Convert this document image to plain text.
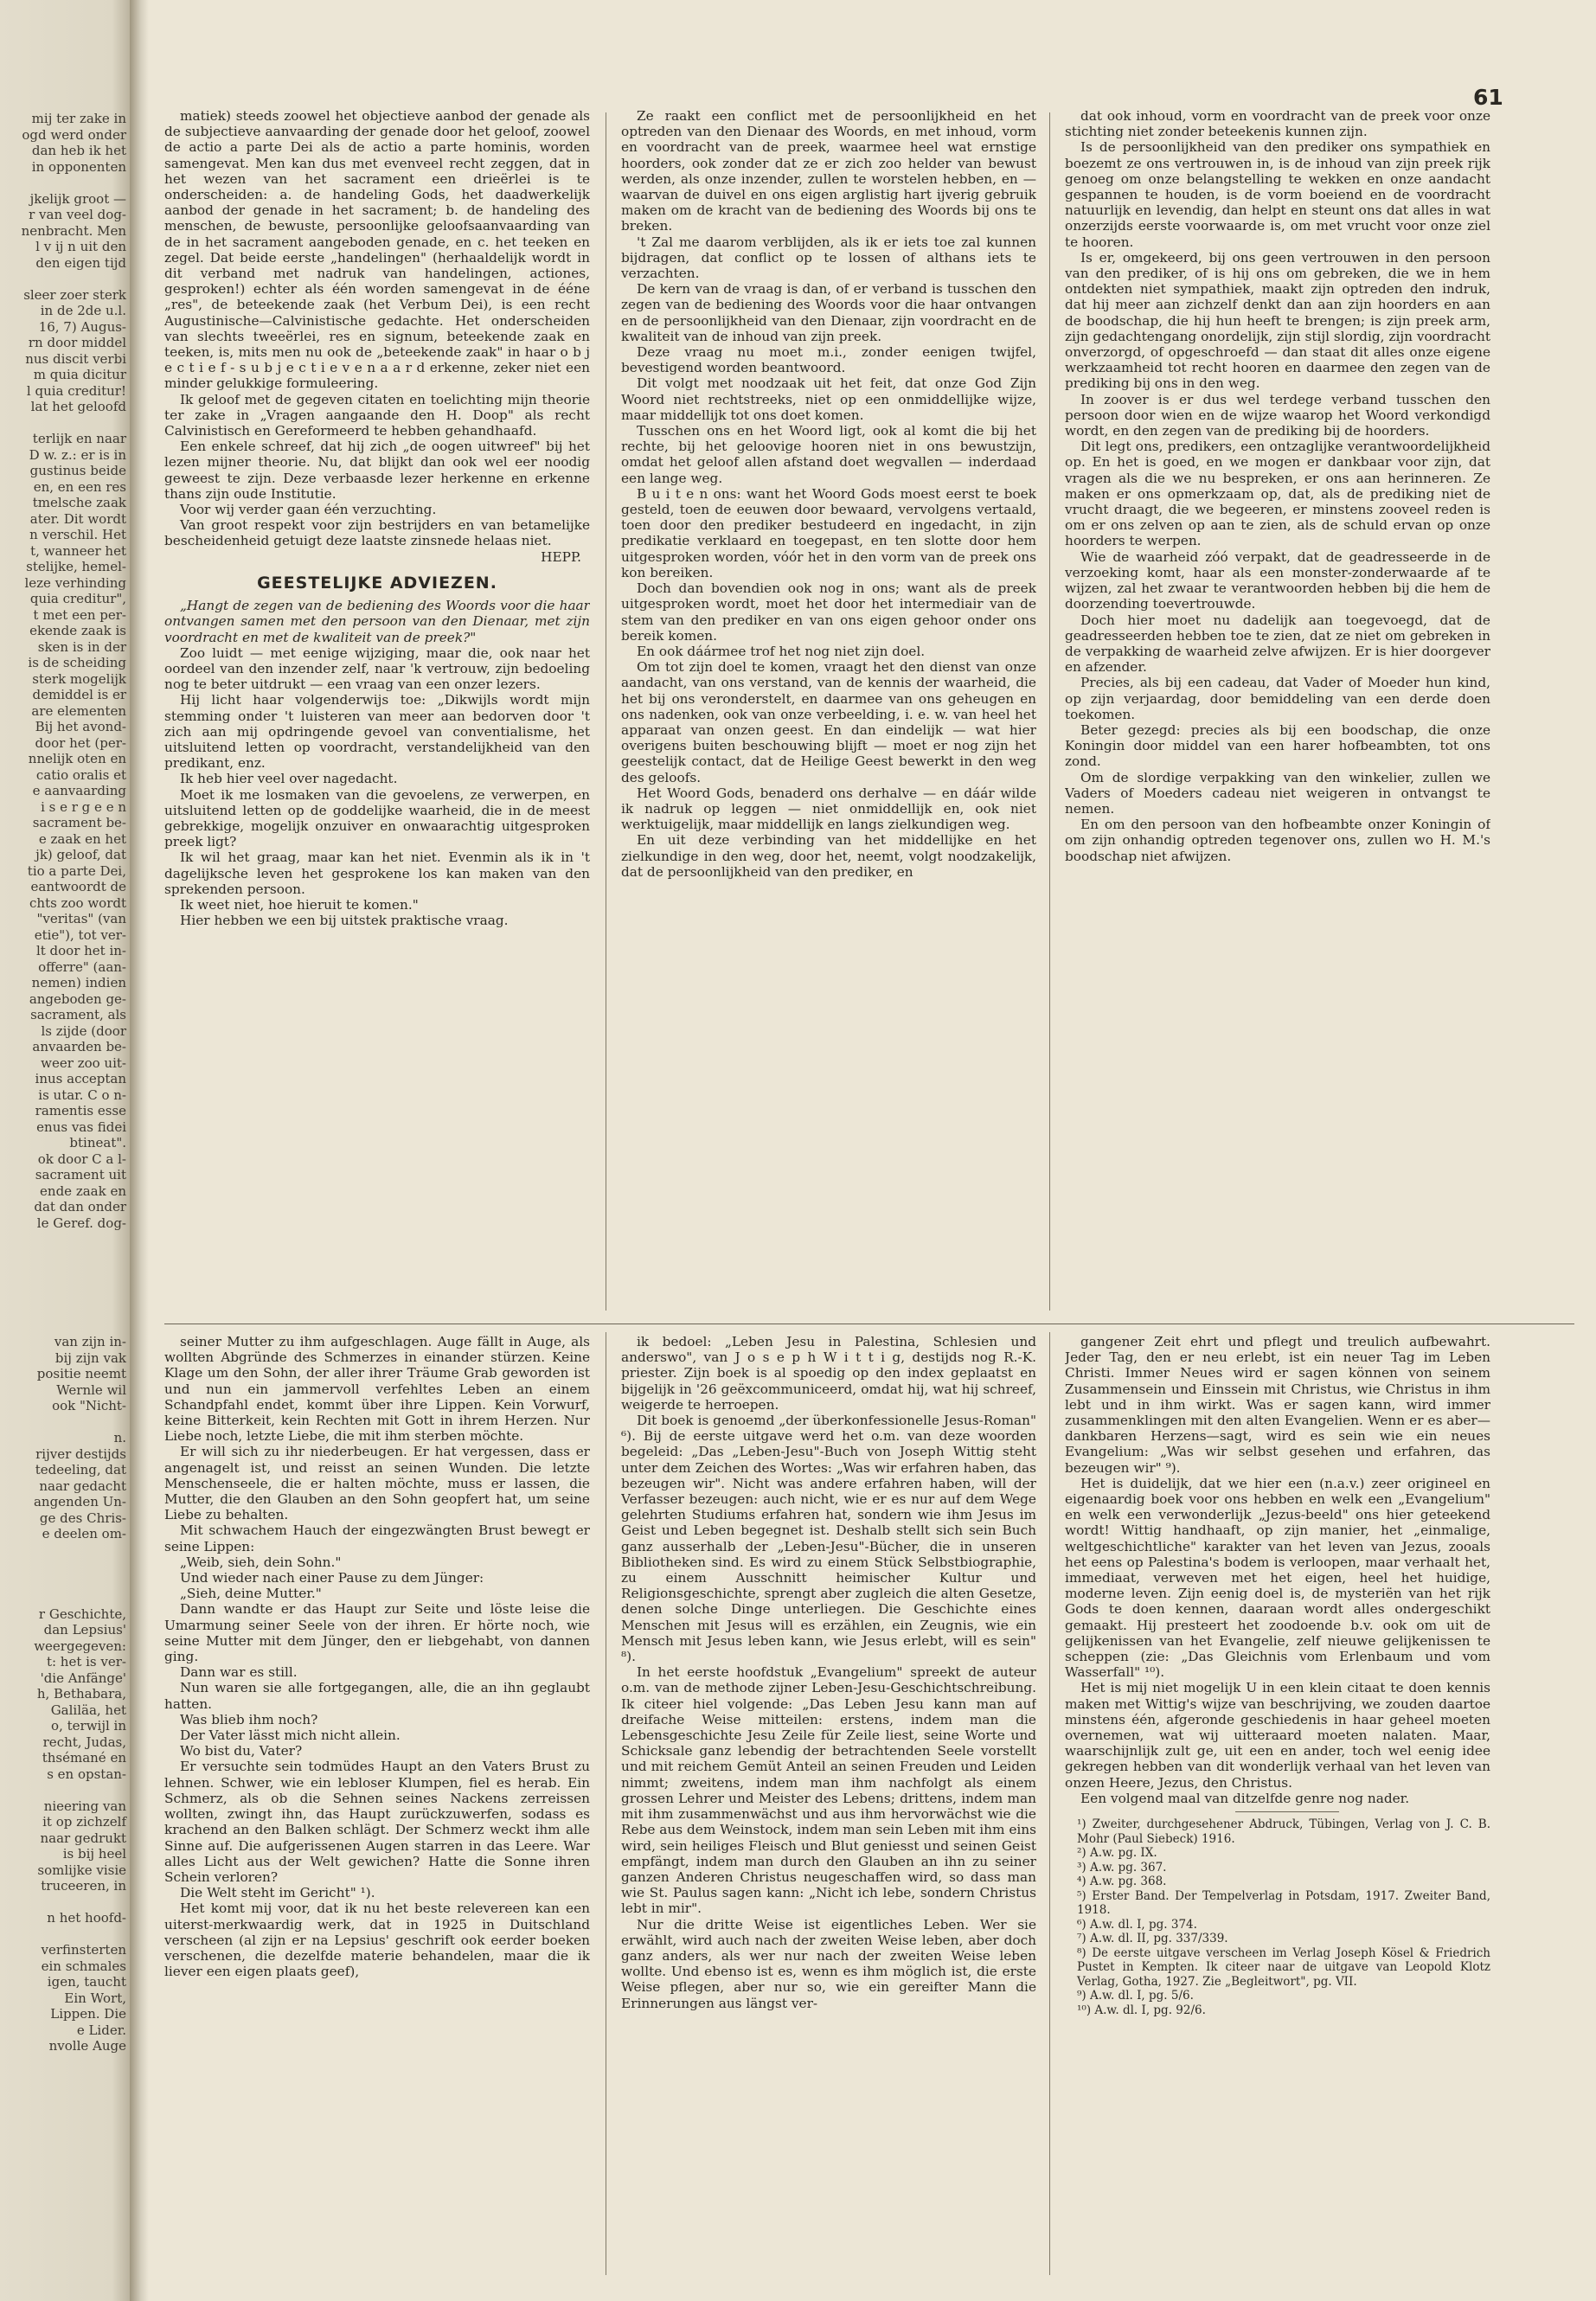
mij ter zake in
ogd werd onder
dan heb ik het
in opponenten

jkelijk groot —
r van veel dog-
nenbracht. Men
l v ij n uit den
den eigen tijd

sleer zoer sterk
in de 2de u.l.
16, 7) Augus-
rn door middel
nus discit verbi
m quia dicitur
l quia creditur!
lat het geloofd

terlijk en naar
D w. z.: er is in
gustinus beide
en, en een res
tmelsche zaak
ater. Dit wordt
n verschil. Het
t, wanneer het
stelijke, hemel-
leze verhinding
quia creditur",
t met een per-
ekende zaak is
sken is in der
is de scheiding
sterk mogelijk
demiddel is er
are elementen
Bij het avond-
door het (per-
nnelijk oten en
catio oralis et
e aanvaarding
i s e r g e e n
sacrament be-
e zaak en het
jk) geloof, dat
tio a parte Dei,
eantwoordt de
chts zoo wordt
"veritas" (van
etie"), tot ver-
lt door het in-
offerre" (aan-
nemen) indien
angeboden ge-
sacrament, als
ls zijde (door
anvaarden be-
weer zoo uit-
inus acceptan
is utar. C o n-
ramentis esse
enus vas fidei
btineat".
ok door C a l-
sacrament uit
ende zaak en
dat dan onder
le Geref. dog-
van zijn in-
bij zijn vak
positie neemt
Wernle wil
ook "Nicht-

n.
rijver destijds
tedeeling, dat
naar gedacht
angenden Un-
ge des Chris-
e deelen om-

r Geschichte,
dan Lepsius'
weergegeven:
t: het is ver-
'die Anfänge'
h, Bethabara,
Galiläa, het
o, terwijl in
recht, Judas,
thsémané en
s en opstan-

nieering van
it op zichzelf
naar gedrukt
is bij heel
somlijke visie
truceeren, in

n het hoofd-

verfinsterten
ein schmales
igen, taucht
Ein Wort,
Lippen. Die
e Lider.
nvolle Auge
61

matiek) steeds zoowel het objectieve aanbod der genade als de subjectieve aanvaarding der genade door het geloof, zoowel de actio a parte Dei als de actio a parte hominis, worden samengevat. Men kan dus met evenveel recht zeggen, dat in het wezen van het sacrament een drieërlei is te onderscheiden: a. de handeling Gods, het daadwerkelijk aanbod der genade in het sacrament; b. de handeling des menschen, de bewuste, persoonlijke geloofsaanvaarding van de in het sacrament aangeboden genade, en c. het teeken en zegel. Dat beide eerste „handelingen" (herhaaldelijk wordt in dit verband met nadruk van handelingen, actiones, gesproken!) echter als één worden samengevat in de ééne „res", de beteekende zaak (het Verbum Dei), is een recht Augustinische—Calvinistische gedachte. Het onderscheiden van slechts tweeërlei, res en signum, beteekende zaak en teeken, is, mits men nu ook de „beteekende zaak" in haar o b j e c t i e f - s u b j e c t i e v e n a a r d erkenne, zeker niet een minder gelukkige formuleering.

Ik geloof met de gegeven citaten en toelichting mijn theorie ter zake in „Vragen aangaande den H. Doop" als recht Calvinistisch en Gereformeerd te hebben gehandhaafd.

Een enkele schreef, dat hij zich „de oogen uitwreef" bij het lezen mijner theorie. Nu, dat blijkt dan ook wel eer noodig geweest te zijn. Deze verbaasde lezer herkenne en erkenne thans zijn oude Institutie.

Voor wij verder gaan één verzuchting.

Van groot respekt voor zijn bestrijders en van betamelijke bescheidenheid getuigt deze laatste zinsnede helaas niet.

HEPP.
GEESTELIJKE ADVIEZEN.

„Hangt de zegen van de bediening des Woords voor die haar ontvangen samen met den persoon van den Dienaar, met zijn voordracht en met de kwaliteit van de preek?"

Zoo luidt — met eenige wijziging, maar die, ook naar het oordeel van den inzender zelf, naar 'k vertrouw, zijn bedoeling nog te beter uitdrukt — een vraag van een onzer lezers.

Hij licht haar volgenderwijs toe: „Dikwijls wordt mijn stemming onder 't luisteren van meer aan bedorven door 't zich aan mij opdringende gevoel van conventialisme, het uitsluitend letten op voordracht, verstandelijkheid van den predikant, enz.

Ik heb hier veel over nagedacht.

Moet ik me losmaken van die gevoelens, ze verwerpen, en uitsluitend letten op de goddelijke waarheid, die in de meest gebrekkige, mogelijk onzuiver en onwaarachtig uitgesproken preek ligt?

Ik wil het graag, maar kan het niet. Evenmin als ik in 't dagelijksche leven het gesprokene los kan maken van den sprekenden persoon.

Ik weet niet, hoe hieruit te komen."

Hier hebben we een bij uitstek praktische vraag.

Ze raakt een conflict met de persoonlijkheid en het optreden van den Dienaar des Woords, en met inhoud, vorm en voordracht van de preek, waarmee heel wat ernstige hoorders, ook zonder dat ze er zich zoo helder van bewust werden, als onze inzender, zullen te worstelen hebben, en — waarvan de duivel en ons eigen arglistig hart ijverig gebruik maken om de kracht van de bediening des Woords bij ons te breken.

't Zal me daarom verblijden, als ik er iets toe zal kunnen bijdragen, dat conflict op te lossen of althans iets te verzachten.

De kern van de vraag is dan, of er verband is tusschen den zegen van de bediening des Woords voor die haar ontvangen en de persoonlijkheid van den Dienaar, zijn voordracht en de kwaliteit van de inhoud van zijn preek.

Deze vraag nu moet m.i., zonder eenigen twijfel, bevestigend worden beantwoord.

Dit volgt met noodzaak uit het feit, dat onze God Zijn Woord niet rechtstreeks, niet op een onmiddellijke wijze, maar middellijk tot ons doet komen.

Tusschen ons en het Woord ligt, ook al komt die bij het rechte, bij het geloovige hooren niet in ons bewustzijn, omdat het geloof allen afstand doet wegvallen — inderdaad een lange weg.

B u i t e n ons: want het Woord Gods moest eerst te boek gesteld, toen de eeuwen door bewaard, vervolgens vertaald, toen door den prediker bestudeerd en ingedacht, in zijn predikatie verklaard en toegepast, en ten slotte door hem uitgesproken worden, vóór het in den vorm van de preek ons kon bereiken.

Doch dan bovendien ook nog in ons; want als de preek uitgesproken wordt, moet het door het intermediair van de stem van den prediker en van ons eigen gehoor onder ons bereik komen.

En ook dáármee trof het nog niet zijn doel.

Om tot zijn doel te komen, vraagt het den dienst van onze aandacht, van ons verstand, van de kennis der waarheid, die het bij ons veronderstelt, en daarmee van ons geheugen en ons nadenken, ook van onze verbeelding, i. e. w. van heel het apparaat van onzen geest. En dan eindelijk — wat hier overigens buiten beschouwing blijft — moet er nog zijn het geestelijk contact, dat de Heilige Geest bewerkt in den weg des geloofs.

Het Woord Gods, benaderd ons derhalve — en dáár wilde ik nadruk op leggen — niet onmiddellijk en, ook niet werktuigelijk, maar middellijk en langs zielkundigen weg.

En uit deze verbinding van het middellijke en het zielkundige in den weg, door het, neemt, volgt noodzakelijk, dat de persoonlijkheid van den prediker, en

dat ook inhoud, vorm en voordracht van de preek voor onze stichting niet zonder beteekenis kunnen zijn.

Is de persoonlijkheid van den prediker ons sympathiek en boezemt ze ons vertrouwen in, is de inhoud van zijn preek rijk genoeg om onze belangstelling te wekken en onze aandacht gespannen te houden, is de vorm boeiend en de voordracht natuurlijk en levendig, dan helpt en steunt ons dat alles in wat onzerzijds eerste voorwaarde is, om met vrucht voor onze ziel te hooren.

Is er, omgekeerd, bij ons geen vertrouwen in den persoon van den prediker, of is hij ons om gebreken, die we in hem ontdekten niet sympathiek, maakt zijn optreden den indruk, dat hij meer aan zichzelf denkt dan aan zijn hoorders en aan de boodschap, die hij hun heeft te brengen; is zijn preek arm, zijn gedachtengang onordelijk, zijn stijl slordig, zijn voordracht onverzorgd, of opgeschroefd — dan staat dit alles onze eigene werkzaamheid tot recht hooren en daarmee den zegen van de prediking bij ons in den weg.

In zoover is er dus wel terdege verband tusschen den persoon door wien en de wijze waarop het Woord verkondigd wordt, en den zegen van de prediking bij de hoorders.

Dit legt ons, predikers, een ontzaglijke verantwoordelijkheid op. En het is goed, en we mogen er dankbaar voor zijn, dat vragen als die we nu bespreken, er ons aan herinneren. Ze maken er ons opmerkzaam op, dat, als de prediking niet de vrucht draagt, die we begeeren, er minstens zooveel reden is om er ons zelven op aan te zien, als de schuld ervan op onze hoorders te werpen.

Wie de waarheid zóó verpakt, dat de geadresseerde in de verzoeking komt, haar als een monster-zonderwaarde af te wijzen, zal het zwaar te verantwoorden hebben bij die hem de doorzending toevertrouwde.

Doch hier moet nu dadelijk aan toegevoegd, dat de geadresseerden hebben toe te zien, dat ze niet om gebreken in de verpakking de waarheid zelve afwijzen. Er is hier doorgever en afzender.

Precies, als bij een cadeau, dat Vader of Moeder hun kind, op zijn verjaardag, door bemiddeling van een derde doen toekomen.

Beter gezegd: precies als bij een boodschap, die onze Koningin door middel van een harer hofbeambten, tot ons zond.

Om de slordige verpakking van den winkelier, zullen we Vaders of Moeders cadeau niet weigeren in ontvangst te nemen.

En om den persoon van den hofbeambte onzer Koningin of om zijn onhandig optreden tegenover ons, zullen wo H. M.'s boodschap niet afwijzen.

seiner Mutter zu ihm aufgeschlagen. Auge fällt in Auge, als wollten Abgründe des Schmerzes in einander stürzen. Keine Klage um den Sohn, der aller ihrer Träume Grab geworden ist und nun ein jammervoll verfehltes Leben an einem Schandpfahl endet, kommt über ihre Lippen. Kein Vorwurf, keine Bitterkeit, kein Rechten mit Gott in ihrem Herzen. Nur Liebe noch, letzte Liebe, die mit ihm sterben möchte.

Er will sich zu ihr niederbeugen. Er hat vergessen, dass er angenagelt ist, und reisst an seinen Wunden. Die letzte Menschenseele, die er halten möchte, muss er lassen, die Mutter, die den Glauben an den Sohn geopfert hat, um seine Liebe zu behalten.

Mit schwachem Hauch der eingezwängten Brust bewegt er seine Lippen:

„Weib, sieh, dein Sohn."

Und wieder nach einer Pause zu dem Jünger:

„Sieh, deine Mutter."

Dann wandte er das Haupt zur Seite und löste leise die Umarmung seiner Seele von der ihren. Er hörte noch, wie seine Mutter mit dem Jünger, den er liebgehabt, von dannen ging.

Dann war es still.

Nun waren sie alle fortgegangen, alle, die an ihn geglaubt hatten.

Was blieb ihm noch?

Der Vater lässt mich nicht allein.

Wo bist du, Vater?

Er versuchte sein todmüdes Haupt an den Vaters Brust zu lehnen. Schwer, wie ein lebloser Klumpen, fiel es herab. Ein Schmerz, als ob die Sehnen seines Nackens zerreissen wollten, zwingt ihn, das Haupt zurückzuwerfen, sodass es krachend an den Balken schlägt. Der Schmerz weckt ihm alle Sinne auf. Die aufgerissenen Augen starren in das Leere. War alles Licht aus der Welt gewichen? Hatte die Sonne ihren Schein verloren?

Die Welt steht im Gericht" ¹).

Het komt mij voor, dat ik nu het beste relevereen kan een uiterst-merkwaardig werk, dat in 1925 in Duitschland verscheen (al zijn er na Lepsius' geschrift ook eerder boeken verschenen, die dezelfde materie behandelen, maar die ik liever een eigen plaats geef),

ik bedoel: „Leben Jesu in Palestina, Schlesien und anderswo", van J o s e p h W i t t i g, destijds nog R.-K. priester. Zijn boek is al spoedig op den index geplaatst en bijgelijk in '26 geëxcommuniceerd, omdat hij, wat hij schreef, weigerde te herroepen.

Dit boek is genoemd „der überkonfessionelle Jesus-Roman" ⁶). Bij de eerste uitgave werd het o.m. van deze woorden begeleid: „Das „Leben-Jesu"-Buch von Joseph Wittig steht unter dem Zeichen des Wortes: „Was wir erfahren haben, das bezeugen wir". Nicht was andere erfahren haben, will der Verfasser bezeugen: auch nicht, wie er es nur auf dem Wege gelehrten Studiums erfahren hat, sondern wie ihm Jesus im Geist und Leben begegnet ist. Deshalb stellt sich sein Buch ganz ausserhalb der „Leben-Jesu"-Bücher, die in unseren Bibliotheken sind. Es wird zu einem Stück Selbstbiographie, zu einem Ausschnitt heimischer Kultur und Religionsgeschichte, sprengt aber zugleich die alten Gesetze, denen solche Dinge unterliegen. Die Geschichte eines Menschen mit Jesus will es erzählen, ein Zeugnis, wie ein Mensch mit Jesus leben kann, wie Jesus erlebt, will es sein" ⁸).

In het eerste hoofdstuk „Evangelium" spreekt de auteur o.m. van de methode zijner Leben-Jesu-Geschichtschreibung. Ik citeer hiel volgende: „Das Leben Jesu kann man auf dreifache Weise mitteilen: erstens, indem man die Lebensgeschichte Jesu Zeile für Zeile liest, seine Worte und Schicksale ganz lebendig der betrachtenden Seele vorstellt und mit reichem Gemüt Anteil an seinen Freuden und Leiden nimmt; zweitens, indem man ihm nachfolgt als einem grossen Lehrer und Meister des Lebens; drittens, indem man mit ihm zusammenwächst und aus ihm hervorwächst wie die Rebe aus dem Weinstock, indem man sein Leben mit ihm eins wird, sein heiliges Fleisch und Blut geniesst und seinen Geist empfängt, indem man durch den Glauben an ihn zu seiner ganzen Anderen Christus neugeschaffen wird, so dass man wie St. Paulus sagen kann: „Nicht ich lebe, sondern Christus lebt in mir".

Nur die dritte Weise ist eigentliches Leben. Wer sie erwählt, wird auch nach der zweiten Weise leben, aber doch ganz anders, als wer nur nach der zweiten Weise leben wollte. Und ebenso ist es, wenn es ihm möglich ist, die erste Weise pflegen, aber nur so, wie ein gereifter Mann die Erinnerungen aus längst ver-

gangener Zeit ehrt und pflegt und treulich aufbewahrt. Jeder Tag, den er neu erlebt, ist ein neuer Tag im Leben Christi. Immer Neues wird er sagen können von seinem Zusammensein und Einssein mit Christus, wie Christus in ihm lebt und in ihm wirkt. Was er sagen kann, wird immer zusammenklingen mit den alten Evangelien. Wenn er es aber—dankbaren Herzens—sagt, wird es sein wie ein neues Evangelium: „Was wir selbst gesehen und erfahren, das bezeugen wir" ⁹).

Het is duidelijk, dat we hier een (n.a.v.) zeer origineel en eigenaardig boek voor ons hebben en welk een „Evangelium" en welk een verwonderlijk „Jezus-beeld" ons hier geteekend wordt! Wittig handhaaft, op zijn manier, het „einmalige, weltgeschichtliche" karakter van het leven van Jezus, zooals het eens op Palestina's bodem is verloopen, maar verhaalt het, immediaat, verweven met het eigen, heel het huidige, moderne leven. Zijn eenig doel is, de mysteriën van het rijk Gods te doen kennen, daaraan wordt alles ondergeschikt gemaakt. Hij presteert het zoodoende b.v. ook om uit de gelijkenissen van het Evangelie, zelf nieuwe gelijkenissen te scheppen (zie: „Das Gleichnis vom Erlenbaum und vom Wasserfall" ¹⁰).

Het is mij niet mogelijk U in een klein citaat te doen kennis maken met Wittig's wijze van beschrijving, we zouden daartoe minstens één, afgeronde geschiedenis in haar geheel moeten overnemen, wat wij uitteraard moeten nalaten. Maar, waarschijnlijk zult ge, uit een en ander, toch wel eenig idee gekregen hebben van dit wonderlijk verhaal van het leven van onzen Heere, Jezus, den Christus.

Een volgend maal van ditzelfde genre nog nader.

¹) Zweiter, durchgesehener Abdruck, Tübingen, Verlag von J. C. B. Mohr (Paul Siebeck) 1916.

²) A.w. pg. IX.

³) A.w. pg. 367.

⁴) A.w. pg. 368.

⁵) Erster Band. Der Tempelverlag in Potsdam, 1917. Zweiter Band, 1918.

⁶) A.w. dl. I, pg. 374.

⁷) A.w. dl. II, pg. 337/339.

⁸) De eerste uitgave verscheen im Verlag Joseph Kösel & Friedrich Pustet in Kempten. Ik citeer naar de uitgave van Leopold Klotz Verlag, Gotha, 1927. Zie „Begleitwort", pg. VII.

⁹) A.w. dl. I, pg. 5/6.

¹⁰) A.w. dl. I, pg. 92/6.
